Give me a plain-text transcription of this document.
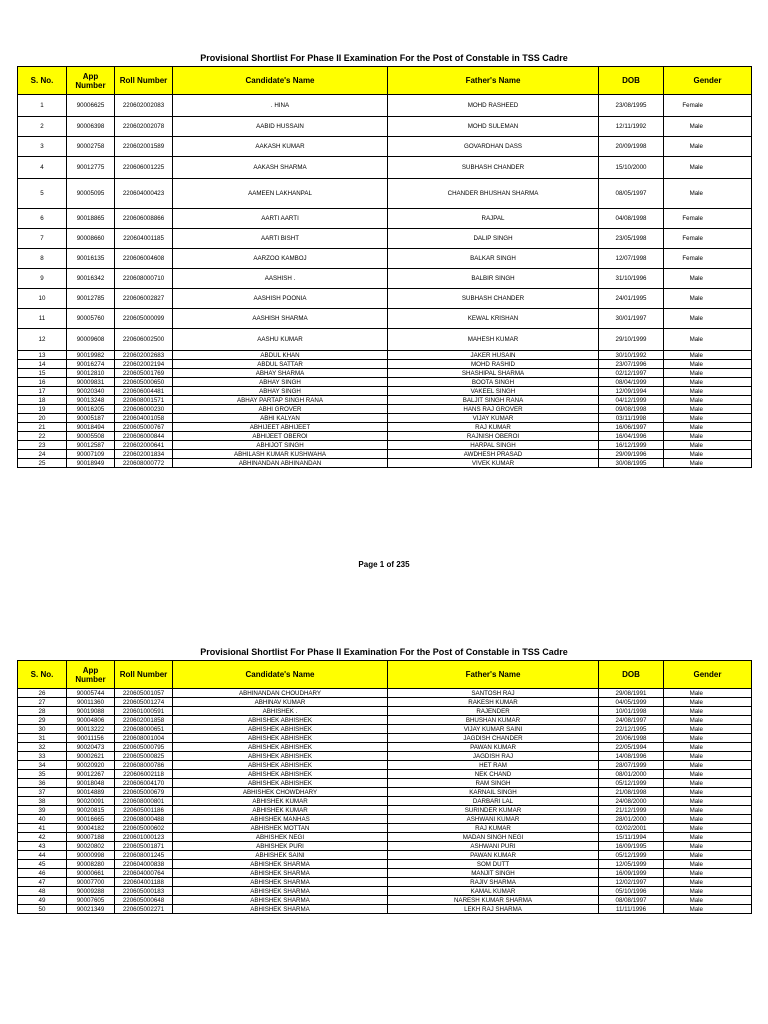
Provisional Shortlist For Phase II Examination For the Post of Constable in TSS Cadre
S. No.	App Number	Roll Number	Candidate's Name	Father's Name	DOB	Gender
1	90006625	220602002083	. HINA	MOHD RASHEED	23/08/1995	Female
2	90006398	220602002078	AABID HUSSAIN	MOHD SULEMAN	12/11/1992	Male
3	90002758	220602001589	AAKASH KUMAR	GOVARDHAN DASS	20/09/1998	Male
4	90012775	220606001225	AAKASH SHARMA	SUBHASH CHANDER	15/10/2000	Male
5	90005095	220604000423	AAMEEN LAKHANPAL	CHANDER BHUSHAN SHARMA	08/05/1997	Male
6	90018865	220606008866	AARTI AARTI	RAJPAL	04/08/1998	Female
7	90008660	220604001185	AARTI BISHT	DALIP SINGH	23/05/1998	Female
8	90016135	220606004608	AARZOO KAMBOJ	BALKAR SINGH	12/07/1998	Female
9	90016342	220608000710	AASHISH .	BALBIR SINGH	31/10/1996	Male
10	90012785	220606002827	AASHISH POONIA	SUBHASH CHANDER	24/01/1995	Male
11	90005760	220605000099	AASHISH SHARMA	KEWAL KRISHAN	30/01/1997	Male
12	90009608	220606002500	AASHU KUMAR	MAHESH KUMAR	29/10/1999	Male
13	90019982	220602002683	ABDUL KHAN	JAKER HUSAIN	30/10/1992	Male
14	90016274	220602002194	ABDUL SATTAR	MOHD RASHID	23/07/1996	Male
15	90012810	220605001769	ABHAY SHARMA	SHASHIPAL SHARMA	02/12/1997	Male
16	90009831	220605000650	ABHAY SINGH	BOOTA SINGH	08/04/1999	Male
17	90020340	220606004481	ABHAY SINGH	VAKEEL SINGH	12/09/1994	Male
18	90013248	220608001571	ABHAY PARTAP SINGH RANA	BALJIT SINGH RANA	04/12/1999	Male
19	90016205	220606000230	ABHI GROVER	HANS RAJ GROVER	09/08/1998	Male
20	90005187	220604001058	ABHI KALYAN	VIJAY KUMAR	03/11/1998	Male
21	90018494	220605000767	ABHIJEET ABHIJEET	RAJ KUMAR	16/06/1997	Male
22	90005508	220606000844	ABHIJEET OBEROI	RAJNISH OBEROI	16/04/1996	Male
23	90012587	220602000641	ABHIJOT SINGH	HARPAL SINGH	16/12/1999	Male
24	90007109	220602001834	ABHILASH KUMAR KUSHWAHA	AWDHESH PRASAD	29/09/1996	Male
25	90018949	220608000772	ABHINANDAN ABHINANDAN	VIVEK KUMAR	30/08/1995	Male
Page 1 of 235
Provisional Shortlist For Phase II Examination For the Post of Constable in TSS Cadre
S. No.	App Number	Roll Number	Candidate's Name	Father's Name	DOB	Gender
26	90005744	220605001057	ABHINANDAN CHOUDHARY	SANTOSH RAJ	29/08/1991	Male
27	90011360	220605001274	ABHINAV KUMAR	RAKESH KUMAR	04/05/1999	Male
28	90019088	220601000591	ABHISHEK .	RAJENDER	10/01/1998	Male
29	90004806	220602001858	ABHISHEK ABHISHEK	BHUSHAN KUMAR	24/08/1997	Male
30	90013222	220608000651	ABHISHEK ABHISHEK	VIJAY KUMAR SAINI	22/12/1995	Male
31	90011156	220608001004	ABHISHEK ABHISHEK	JAGDISH CHANDER	20/06/1998	Male
32	90020473	220605000795	ABHISHEK ABHISHEK	PAWAN KUMAR	22/05/1994	Male
33	90002621	220605000825	ABHISHEK ABHISHEK	JAGDISH RAJ	14/08/1996	Male
34	90020920	220608000786	ABHISHEK ABHISHEK	HET RAM	28/07/1999	Male
35	90012267	220606002118	ABHISHEK ABHISHEK	NEK CHAND	08/01/2000	Male
36	90018048	220606004170	ABHISHEK ABHISHEK	RAM SINGH	05/12/1999	Male
37	90014889	220605000679	ABHISHEK CHOWDHARY	KARNAIL SINGH	21/08/1998	Male
38	90020091	220608000801	ABHISHEK KUMAR	DARBARI LAL	24/08/2000	Male
39	90020815	220605001186	ABHISHEK KUMAR	SURINDER KUMAR	21/12/1999	Male
40	90016665	220608000488	ABHISHEK MANHAS	ASHWANI KUMAR	28/01/2000	Male
41	90004182	220605000602	ABHISHEK MOTTAN	RAJ KUMAR	02/02/2001	Male
42	90007188	220601000123	ABHISHEK NEGI	MADAN SINGH NEGI	15/11/1994	Male
43	90020802	220605001871	ABHISHEK PURI	ASHWANI PURI	16/09/1995	Male
44	90000998	220608001245	ABHISHEK SAINI	PAWAN KUMAR	05/12/1999	Male
45	90008280	220604000838	ABHISHEK SHARMA	SOM DUTT	12/05/1999	Male
46	90000661	220604000764	ABHISHEK SHARMA	MANJIT SINGH	16/09/1999	Male
47	90007700	220604001188	ABHISHEK SHARMA	RAJIV SHARMA	12/02/1997	Male
48	90009288	220605000183	ABHISHEK SHARMA	KAMAL KUMAR	05/10/1996	Male
49	90007605	220605000648	ABHISHEK SHARMA	NARESH KUMAR SHARMA	08/08/1997	Male
50	90021349	220605002271	ABHISHEK SHARMA	LEKH RAJ SHARMA	11/11/1996	Male
